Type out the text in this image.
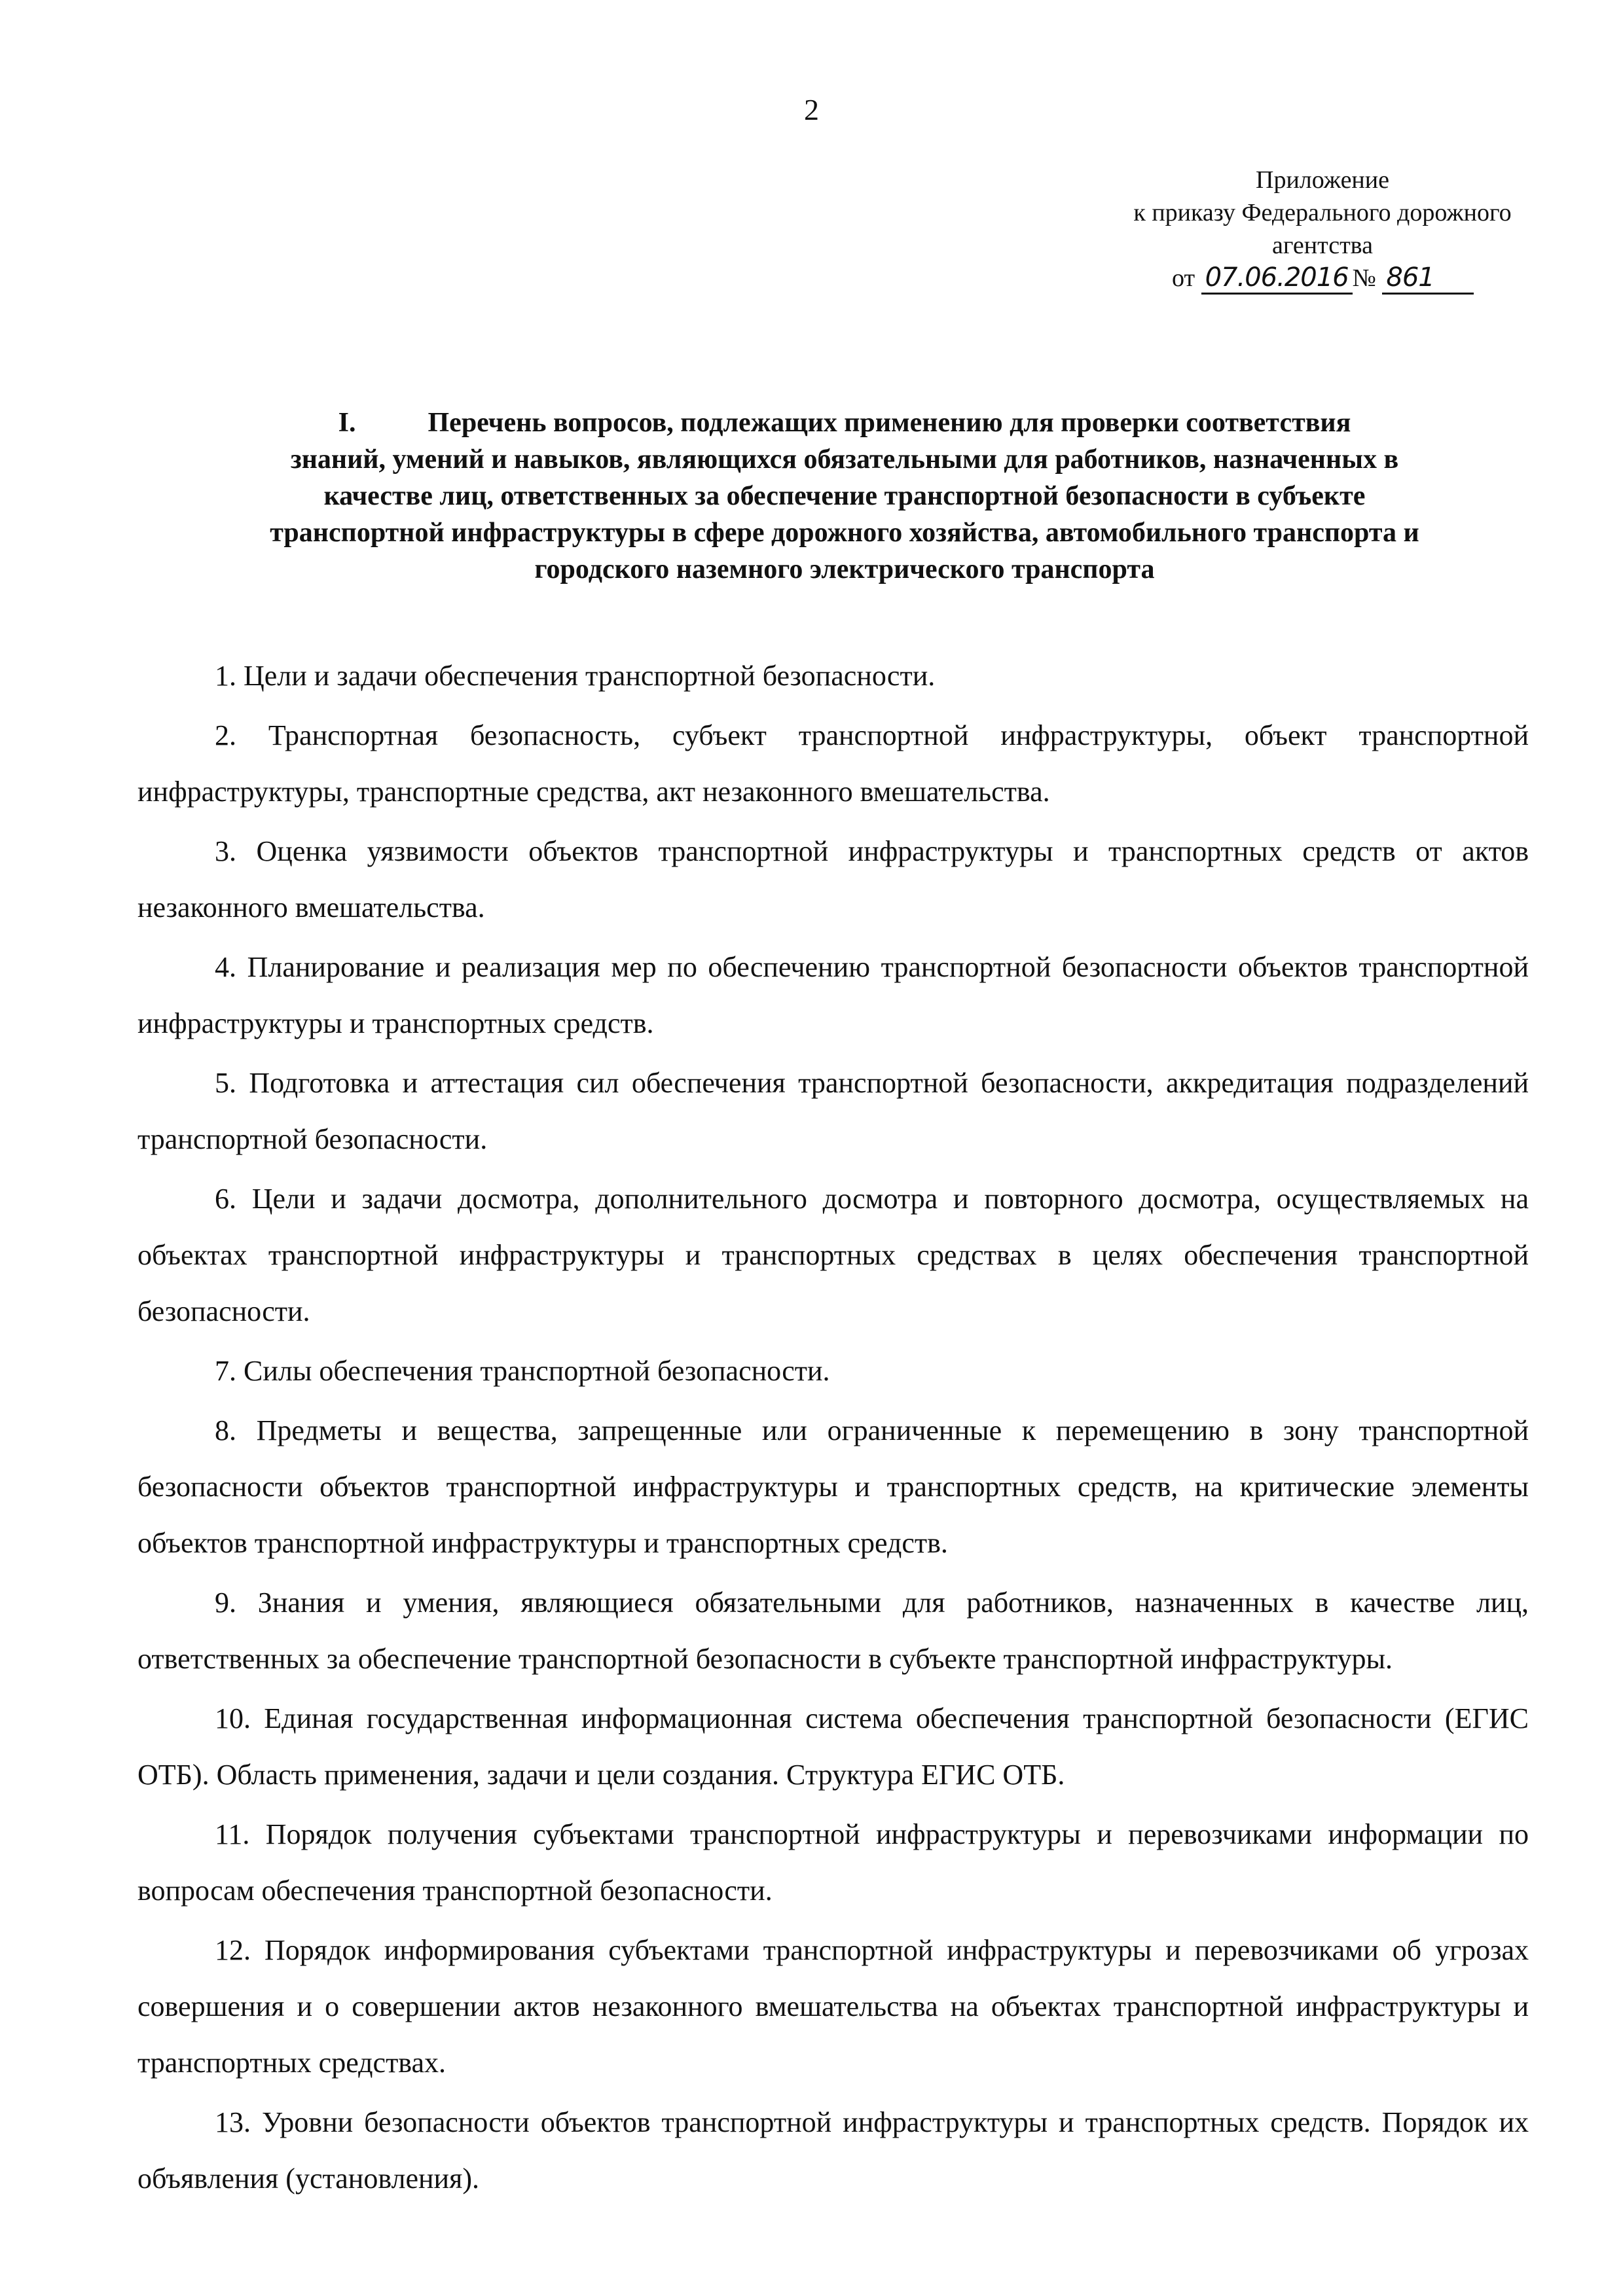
2
Приложение
к приказу Федерального дорожного
агентства
от 07.06.2016 № 861
I.	Перечень вопросов, подлежащих применению для проверки соответствия
знаний, умений и навыков, являющихся обязательными для работников, назначенных в
качестве лиц, ответственных за обеспечение транспортной безопасности в субъекте
транспортной инфраструктуры в сфере дорожного хозяйства, автомобильного транспорта и
городского наземного электрического транспорта

1. Цели и задачи обеспечения транспортной безопасности.

2. Транспортная безопасность, субъект транспортной инфраструктуры, объект транспортной инфраструктуры, транспортные средства, акт незаконного вмешательства.

3. Оценка уязвимости объектов транспортной инфраструктуры и транспортных средств от актов незаконного вмешательства.

4. Планирование и реализация мер по обеспечению транспортной безопасности объектов транспортной инфраструктуры и транспортных средств.

5. Подготовка и аттестация сил обеспечения транспортной безопасности, аккредитация подразделений транспортной безопасности.

6. Цели и задачи досмотра, дополнительного досмотра и повторного досмотра, осуществляемых на объектах транспортной инфраструктуры и транспортных средствах в целях обеспечения транспортной безопасности.

7. Силы обеспечения транспортной безопасности.

8. Предметы и вещества, запрещенные или ограниченные к перемещению в зону транспортной безопасности объектов транспортной инфраструктуры и транспортных средств, на критические элементы объектов транспортной инфраструктуры и транспортных средств.

9. Знания и умения, являющиеся обязательными для работников, назначенных в качестве лиц, ответственных за обеспечение транспортной безопасности в субъекте транспортной инфраструктуры.

10. Единая государственная информационная система обеспечения транспортной безопасности (ЕГИС ОТБ). Область применения, задачи и цели создания. Структура ЕГИС ОТБ.

11. Порядок получения субъектами транспортной инфраструктуры и перевозчиками информации по вопросам обеспечения транспортной безопасности.

12. Порядок информирования субъектами транспортной инфраструктуры и перевозчиками об угрозах совершения и о совершении актов незаконного вмешательства на объектах транспортной инфраструктуры и транспортных средствах.

13. Уровни безопасности объектов транспортной инфраструктуры и транспортных средств. Порядок их объявления (установления).
